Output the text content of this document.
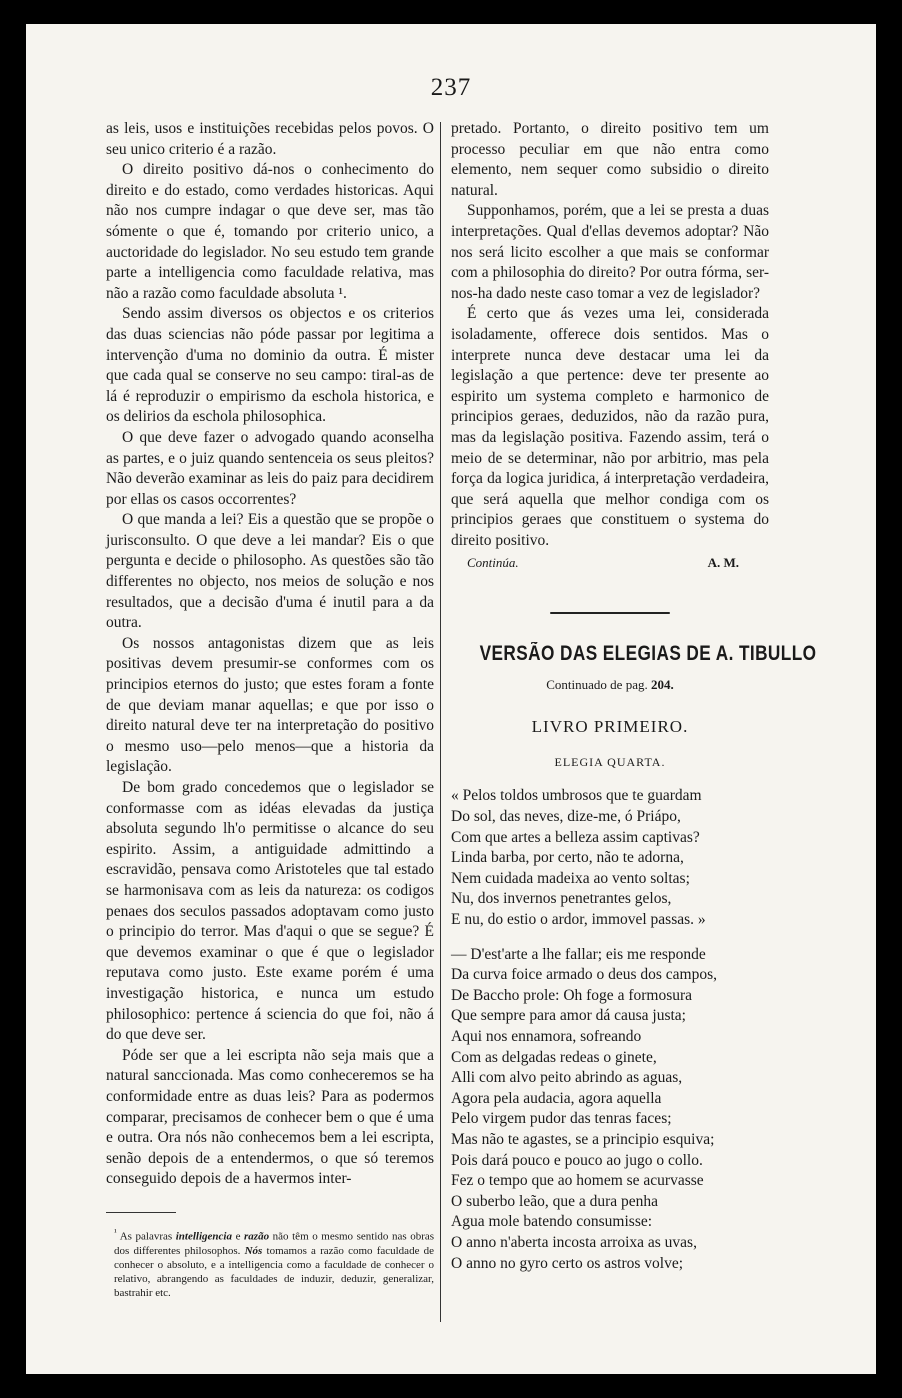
237

as leis, usos e instituições recebidas pelos povos. O seu unico criterio é a razão.

O direito positivo dá-nos o conhecimento do direito e do estado, como verdades historicas. Aqui não nos cumpre indagar o que deve ser, mas tão sómente o que é, tomando por criterio unico, a auctoridade do legislador. No seu estudo tem grande parte a intelligencia como faculdade relativa, mas não a razão como faculdade absoluta ¹.

Sendo assim diversos os objectos e os criterios das duas sciencias não póde passar por legitima a intervenção d'uma no dominio da outra. É mister que cada qual se conserve no seu campo: tiral-as de lá é reproduzir o empirismo da eschola historica, e os delirios da eschola philosophica.

O que deve fazer o advogado quando aconselha as partes, e o juiz quando sentenceia os seus pleitos? Não deverão examinar as leis do paiz para decidirem por ellas os casos occorrentes?

O que manda a lei? Eis a questão que se propõe o jurisconsulto. O que deve a lei mandar? Eis o que pergunta e decide o philosopho. As questões são tão differentes no objecto, nos meios de solução e nos resultados, que a decisão d'uma é inutil para a da outra.

Os nossos antagonistas dizem que as leis positivas devem presumir-se conformes com os principios eternos do justo; que estes foram a fonte de que deviam manar aquellas; e que por isso o direito natural deve ter na interpretação do positivo o mesmo uso—pelo menos—que a historia da legislação.

De bom grado concedemos que o legislador se conformasse com as idéas elevadas da justiça absoluta segundo lh'o permitisse o alcance do seu espirito. Assim, a antiguidade admittindo a escravidão, pensava como Aristoteles que tal estado se harmonisava com as leis da natureza: os codigos penaes dos seculos passados adoptavam como justo o principio do terror. Mas d'aqui o que se segue? É que devemos examinar o que é que o legislador reputava como justo. Este exame porém é uma investigação historica, e nunca um estudo philosophico: pertence á sciencia do que foi, não á do que deve ser.

Póde ser que a lei escripta não seja mais que a natural sanccionada. Mas como conheceremos se ha conformidade entre as duas leis? Para as podermos comparar, precisamos de conhecer bem o que é uma e outra. Ora nós não conhecemos bem a lei escripta, senão depois de a entendermos, o que só teremos conseguido depois de a havermos inter-

$^{^1}$ As palavras intelligencia e razão não têm o mesmo sentido nas obras dos differentes philosophos. Nós tomamos a razão como faculdade de conhecer o absoluto, e a intelligencia como a faculdade de conhecer o relativo, abrangendo as faculdades de induzir, deduzir, generalizar, bastrahir etc.

pretado. Portanto, o direito positivo tem um processo peculiar em que não entra como elemento, nem sequer como subsidio o direito natural.

Supponhamos, porém, que a lei se presta a duas interpretações. Qual d'ellas devemos adoptar? Não nos será licito escolher a que mais se conformar com a philosophia do direito? Por outra fórma, ser-nos-ha dado neste caso tomar a vez de legislador?

É certo que ás vezes uma lei, considerada isoladamente, offerece dois sentidos. Mas o interprete nunca deve destacar uma lei da legislação a que pertence: deve ter presente ao espirito um systema completo e harmonico de principios geraes, deduzidos, não da razão pura, mas da legislação positiva. Fazendo assim, terá o meio de se determinar, não por arbitrio, mas pela força da logica juridica, á interpretação verdadeira, que será aquella que melhor condiga com os principios geraes que constituem o systema do direito positivo.

Continúa.	A. M.
VERSÃO DAS ELEGIAS DE A. TIBULLO
Continuado de pag. 204.
LIVRO PRIMEIRO.
ELEGIA QUARTA.
« Pelos toldos umbrosos que te guardam
Do sol, das neves, dize-me, ó Priápo,
Com que artes a belleza assim captivas?
Linda barba, por certo, não te adorna,
Nem cuidada madeixa ao vento soltas;
Nu, dos invernos penetrantes gelos,
E nu, do estio o ardor, immovel passas. »
— D'est'arte a lhe fallar; eis me responde
Da curva foice armado o deus dos campos,
De Baccho prole: Oh foge a formosura
Que sempre para amor dá causa justa;
Aqui nos ennamora, sofreando
Com as delgadas redeas o ginete,
Alli com alvo peito abrindo as aguas,
Agora pela audacia, agora aquella
Pelo virgem pudor das tenras faces;
Mas não te agastes, se a principio esquiva;
Pois dará pouco e pouco ao jugo o collo.
Fez o tempo que ao homem se acurvasse
O suberbo leão, que a dura penha
Agua mole batendo consumisse:
O anno n'aberta incosta arroixa as uvas,
O anno no gyro certo os astros volve;
